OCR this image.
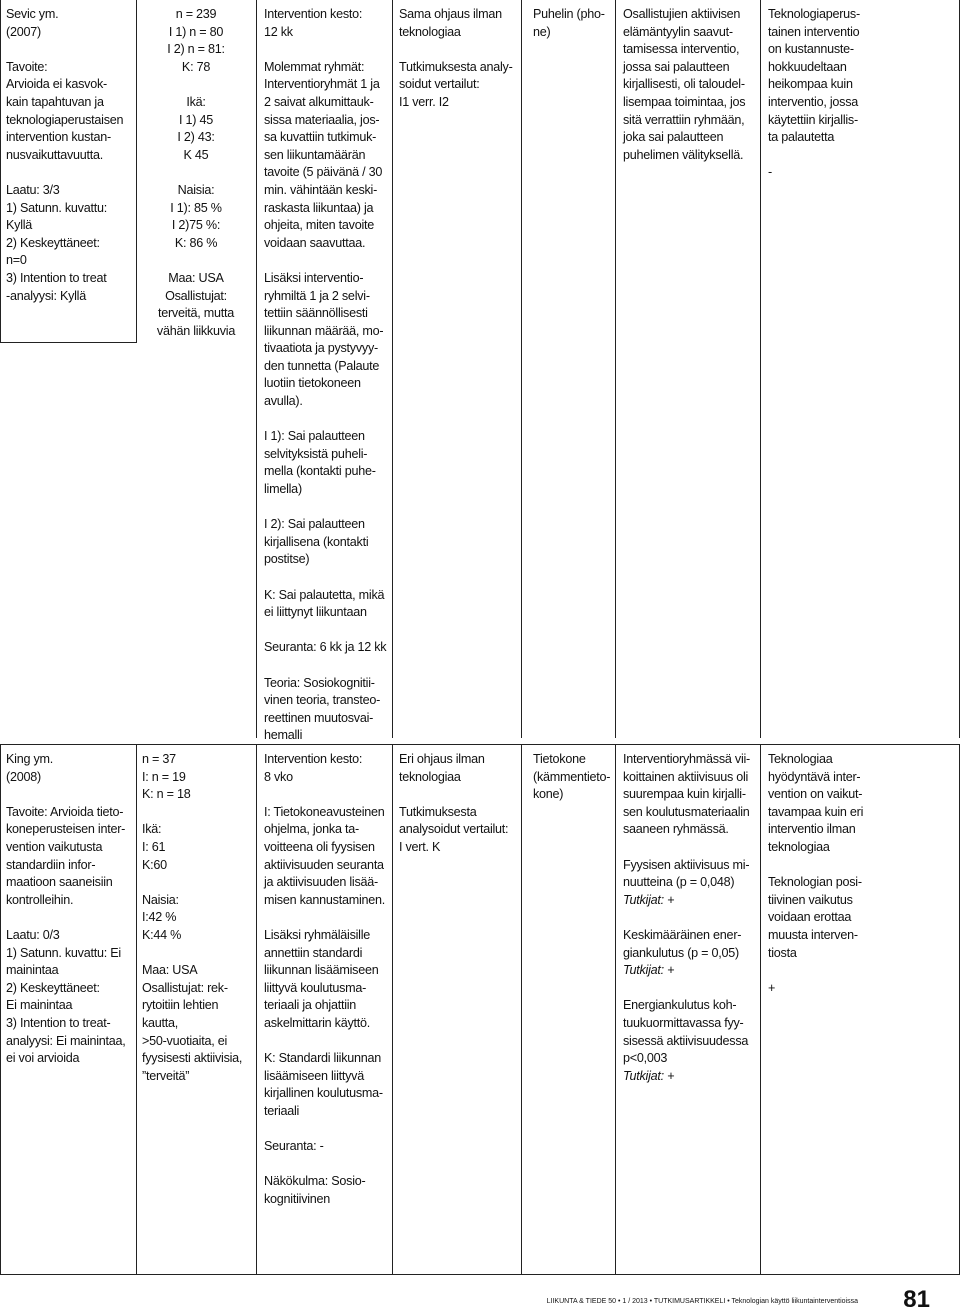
Sevic ym.

(2007)

Tavoite:

Arvioida ei kasvok-

kain tapahtuvan ja

teknologiaperustaisen

intervention kustan-

nusvaikuttavuutta.

Laatu: 3/3

1) Satunn. kuvattu:

Kyllä

2) Keskeyttäneet:

n=0

3) Intention to treat

-analyysi: Kyllä

n = 239

I 1) n = 80

I 2) n = 81:

K: 78

Ikä:

I 1) 45

I 2) 43:

K 45

Naisia:

I 1): 85 %

I 2)75 %:

K: 86 %

Maa: USA

Osallistujat:

terveitä, mutta

vähän liikkuvia

Intervention kesto:

12 kk

Molemmat ryhmät:

Interventioryhmät 1 ja

2 saivat alkumittauk-

sissa materiaalia, jos-

sa kuvattiin tutkimuk-

sen liikuntamäärän

tavoite (5 päivänä / 30

min. vähintään keski-

raskasta liikuntaa) ja

ohjeita, miten tavoite

voidaan saavuttaa.

Lisäksi interventio-

ryhmiltä 1 ja 2 selvi-

tettiin säännöllisesti

liikunnan määrää, mo-

tivaatiota ja pystyvyy-

den tunnetta (Palaute

luotiin tietokoneen

avulla).

I 1): Sai palautteen

selvityksistä puheli-

mella (kontakti puhe-

limella)

I 2): Sai palautteen

kirjallisena (kontakti

postitse)

K: Sai palautetta, mikä

ei liittynyt liikuntaan

Seuranta: 6 kk ja 12 kk

Teoria: Sosiokognitii-

vinen teoria, transteo-

reettinen muutosvai-

hemalli

Sama ohjaus ilman

teknologiaa

Tutkimuksesta analy-

soidut vertailut:

I1 verr. I2

Puhelin (pho-

ne)

Osallistujien aktiivisen

elämäntyylin saavut-

tamisessa interventio,

jossa sai palautteen

kirjallisesti, oli taloudel-

lisempaa toimintaa, jos

sitä verrattiin ryhmään,

joka sai palautteen

puhelimen välityksellä.

Teknologiaperus-

tainen interventio

on kustannuste-

hokkuudeltaan

heikompaa kuin

interventio, jossa

käytettiin kirjallis-

ta palautetta

-

King ym.

(2008)

Tavoite: Arvioida tieto-

koneperusteisen inter-

vention vaikutusta

standardiin infor-

maatioon saaneisiin

kontrolleihin.

Laatu: 0/3

1) Satunn. kuvattu: Ei

mainintaa

2) Keskeyttäneet:

Ei mainintaa

3) Intention to treat-

analyysi: Ei mainintaa,

ei voi arvioida

n = 37

I: n = 19

K: n = 18

Ikä:

I: 61

K:60

Naisia:

I:42 %

K:44 %

Maa: USA

Osallistujat: rek-

rytoitiin lehtien

kautta,

>50-vuotiaita, ei

fyysisesti aktiivisia,

”terveitä”

Intervention kesto:

8 vko

I: Tietokoneavusteinen

ohjelma, jonka ta-

voitteena oli fyysisen

aktiivisuuden seuranta

ja aktiivisuuden lisää-

misen kannustaminen.

Lisäksi ryhmäläisille

annettiin standardi

liikunnan lisäämiseen

liittyvä koulutusma-

teriaali ja ohjattiin

askelmittarin käyttö.

K: Standardi liikunnan

lisäämiseen liittyvä

kirjallinen koulutusma-

teriaali

Seuranta: -

Näkökulma: Sosio-

kognitiivinen

Eri ohjaus ilman

teknologiaa

Tutkimuksesta

analysoidut vertailut:

I vert. K

Tietokone

(kämmentieto-

kone)

Interventioryhmässä vii-

koittainen aktiivisuus oli

suurempaa kuin kirjalli-

sen koulutusmateriaalin

saaneen ryhmässä.

Fyysisen aktiivisuus mi-

nuutteina (p = 0,048)

Tutkijat: +

Keskimääräinen ener-

giankulutus (p = 0,05)

Tutkijat: +

Energiankulutus koh-

tuukuormittavassa fyy-

sisessä aktiivisuudessa

p<0,003

Tutkijat: +

Teknologiaa

hyödyntävä inter-

vention on vaikut-

tavampaa kuin eri

interventio ilman

teknologiaa

Teknologian posi-

tiivinen vaikutus

voidaan erottaa

muusta interven-

tiosta

+

LIIKUNTA & TIEDE 50 • 1 / 2013 • TUTKIMUSARTIKKELI • Teknologian käyttö liikuntainterventioissa 81
